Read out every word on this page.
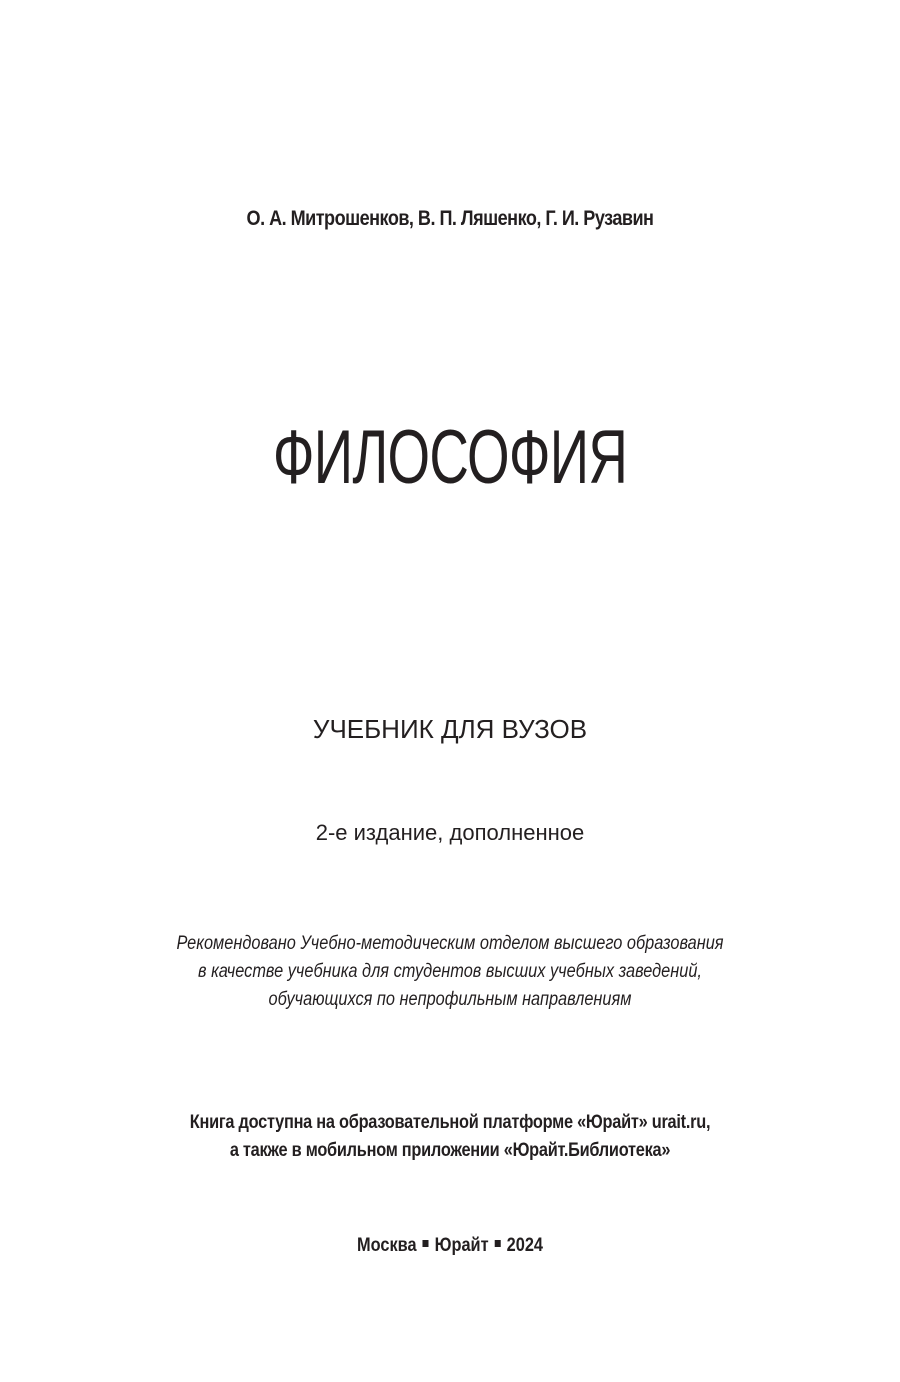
О. А. Митрошенков, В. П. Ляшенко, Г. И. Рузавин
ФИЛОСОФИЯ
УЧЕБНИК ДЛЯ ВУЗОВ
2-е издание, дополненное
Рекомендовано Учебно-методическим отделом высшего образования
в качестве учебника для студентов высших учебных заведений,
обучающихся по непрофильным направлениям
Книга доступна на образовательной платформе «Юрайт» urait.ru,
а также в мобильном приложении «Юрайт.Библиотека»
Москва Юрайт 2024
